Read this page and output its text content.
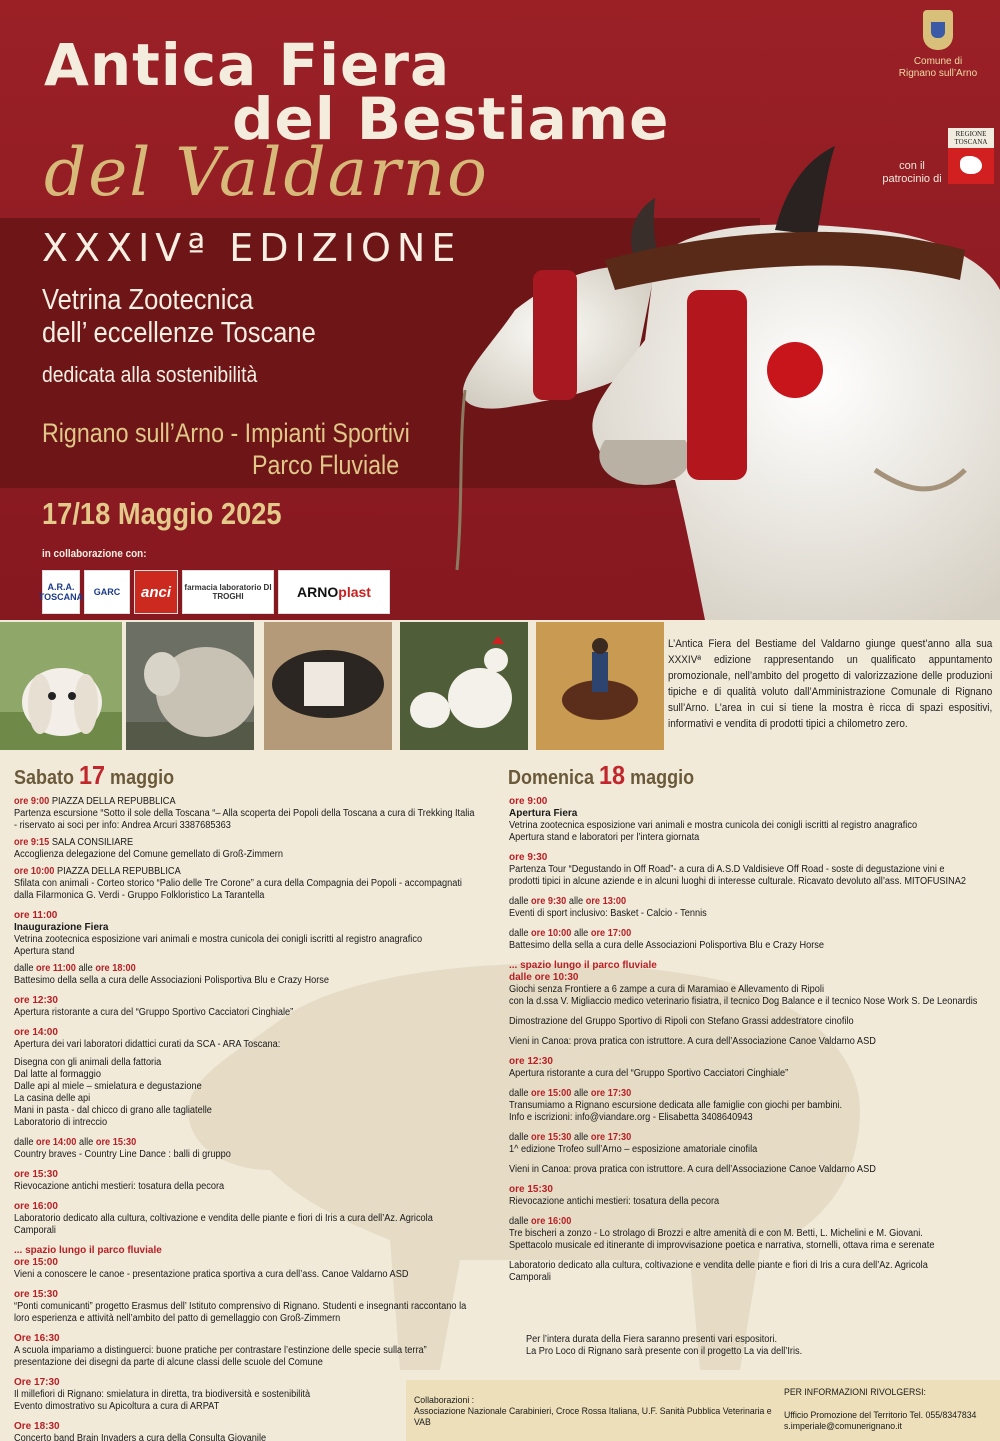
Antica Fiera
del Bestiame
del Valdarno
XXXIVª EDIZIONE
Vetrina Zootecnica
dell’ eccellenze Toscane
dedicata alla sostenibilità
Rignano sull’Arno - Impianti Sportivi
Parco Fluviale
17/18 Maggio 2025
in collaborazione con:
A.R.A. TOSCANA	GARC	anci	farmacia laboratorio DI TROGHI	ARNO plast
Comune di
Rignano sull’Arno
con il
patrocinio di
REGIONE
TOSCANA

L’Antica Fiera del Bestiame del Valdarno giunge quest’anno alla sua XXXIVª edizione rappresentando un qualificato appuntamento promozionale, nell’ambito del progetto di valorizzazione delle produzioni tipiche e di qualità voluto dall’Amministrazione Comunale di Rignano sull’Arno. L’area in cui si tiene la mostra è ricca di spazi espositivi, informativi e vendita di prodotti tipici a chilometro zero.

Sabato 17 maggio
ore 9:00 PIAZZA DELLA REPUBBLICA
Partenza escursione “Sotto il sole della Toscana “– Alla scoperta dei Popoli della Toscana a cura di Trekking Italia
- riservato ai soci per info: Andrea Arcuri 3387685363
ore 9:15 SALA CONSILIARE
Accoglienza delegazione del Comune gemellato di Groß-Zimmern
ore 10:00 PIAZZA DELLA REPUBBLICA
Sfilata con animali - Corteo storico “Palio delle Tre Corone” a cura della Compagnia dei Popoli - accompagnati
dalla Filarmonica G. Verdi - Gruppo Folkloristico La Tarantella
ore 11:00
Inaugurazione Fiera
Vetrina zootecnica esposizione vari animali e mostra cunicola dei conigli iscritti al registro anagrafico
Apertura stand
dalle ore 11:00 alle ore 18:00
Battesimo della sella a cura delle Associazioni Polisportiva Blu e Crazy Horse
ore 12:30
Apertura ristorante a cura del “Gruppo Sportivo Cacciatori Cinghiale”
ore 14:00
Apertura dei vari laboratori didattici curati da SCA - ARA Toscana:
Disegna con gli animali della fattoria
Dal latte al formaggio
Dalle api al miele – smielatura e degustazione
La casina delle api
Mani in pasta - dal chicco di grano alle tagliatelle
Laboratorio di intreccio
dalle ore 14:00 alle ore 15:30
Country braves - Country Line Dance : balli di gruppo
ore 15:30
Rievocazione antichi mestieri: tosatura della pecora
ore 16:00
Laboratorio dedicato alla cultura, coltivazione e vendita delle piante e fiori di Iris a cura dell’Az. Agricola
Camporali
... spazio lungo il parco fluviale
ore 15:00
Vieni a conoscere le canoe - presentazione pratica sportiva a cura dell’ass. Canoe Valdarno ASD
ore 15:30
“Ponti comunicanti” progetto Erasmus dell’ Istituto comprensivo di Rignano. Studenti e insegnanti raccontano la
loro esperienza e attività nell’ambito del patto di gemellaggio con Groß-Zimmern
Ore 16:30
A scuola impariamo a distinguerci: buone pratiche per contrastare l’estinzione delle specie sulla terra”
presentazione dei disegni da parte di alcune classi delle scuole del Comune
Ore 17:30
Il millefiori di Rignano: smielatura in diretta, tra biodiversità e sostenibilità
Evento dimostrativo su Apicoltura a cura di ARPAT
Ore 18:30
Concerto band Brain Invaders a cura della Consulta Giovanile
Domenica 18 maggio
ore 9:00
Apertura Fiera
Vetrina zootecnica esposizione vari animali e mostra cunicola dei conigli iscritti al registro anagrafico
Apertura stand e laboratori per l’intera giornata
ore 9:30
Partenza Tour “Degustando in Off Road”- a cura di A.S.D Valdisieve Off Road - soste di degustazione vini e
prodotti tipici in alcune aziende e in alcuni luoghi di interesse culturale. Ricavato devoluto all’ass. MITOFUSINA2
dalle ore 9:30 alle ore 13:00
Eventi di sport inclusivo: Basket - Calcio - Tennis
dalle ore 10:00 alle ore 17:00
Battesimo della sella a cura delle Associazioni Polisportiva Blu e Crazy Horse
... spazio lungo il parco fluviale
dalle ore 10:30
Giochi senza Frontiere a 6 zampe a cura di Maramiao e Allevamento di Ripoli
con la d.ssa V. Migliaccio medico veterinario fisiatra, il tecnico Dog Balance e il tecnico Nose Work S. De Leonardis
Dimostrazione del Gruppo Sportivo di Ripoli con Stefano Grassi addestratore cinofilo
Vieni in Canoa: prova pratica con istruttore. A cura dell’Associazione Canoe Valdarno ASD
ore 12:30
Apertura ristorante a cura del “Gruppo Sportivo Cacciatori Cinghiale”
dalle ore 15:00 alle ore 17:30
Transumiamo a Rignano escursione dedicata alle famiglie con giochi per bambini.
Info e iscrizioni: info@viandare.org - Elisabetta 3408640943
dalle ore 15:30 alle ore 17:30
1^ edizione Trofeo sull’Arno – esposizione amatoriale cinofila
Vieni in Canoa: prova pratica con istruttore. A cura dell’Associazione Canoe Valdarno ASD
ore 15:30
Rievocazione antichi mestieri: tosatura della pecora
dalle ore 16:00
Tre bischeri a zonzo - Lo strolago di Brozzi e altre amenità di e con M. Betti, L. Michelini e M. Giovani.
Spettacolo musicale ed itinerante di improvvisazione poetica e narrativa, stornelli, ottava rima e serenate
Laboratorio dedicato alla cultura, coltivazione e vendita delle piante e fiori di Iris a cura dell’Az. Agricola
Camporali
Per l’intera durata della Fiera saranno presenti vari espositori.
La Pro Loco di Rignano sarà presente con il progetto La via dell’Iris.
Collaborazioni :
Associazione Nazionale Carabinieri, Croce Rossa Italiana, U.F. Sanità Pubblica Veterinaria e
VAB
PER INFORMAZIONI RIVOLGERSI:
Ufficio Promozione del Territorio Tel. 055/8347834
s.imperiale@comunerignano.it
